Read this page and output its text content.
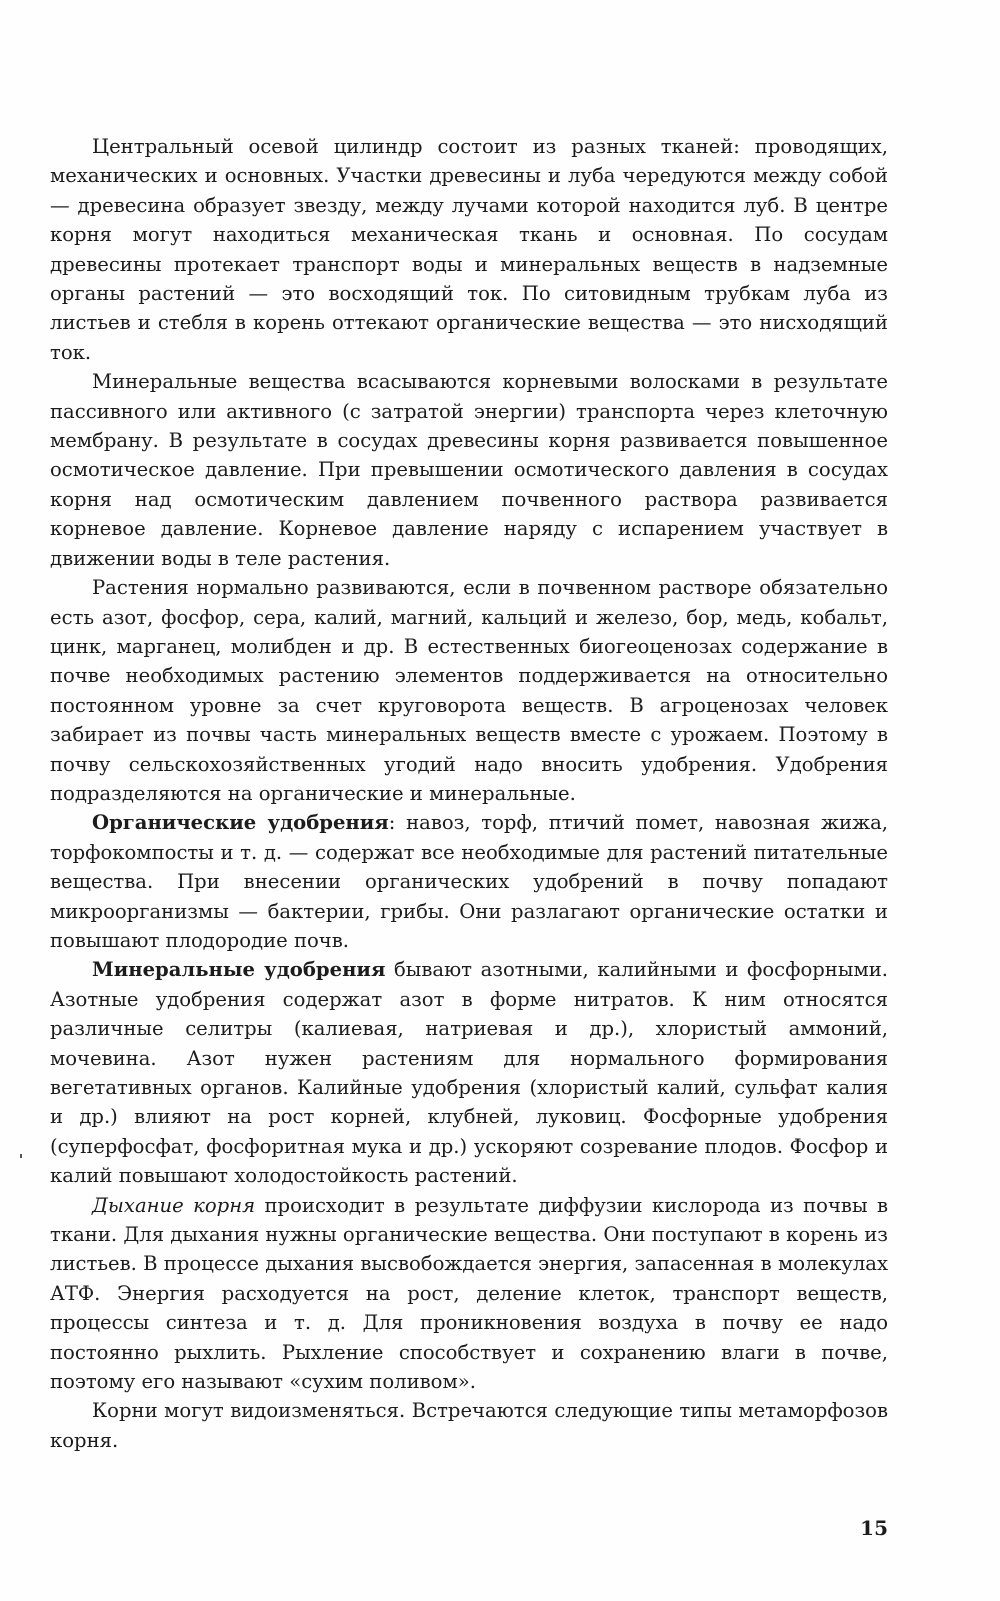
Центральный осевой цилиндр состоит из разных тканей: проводящих, механических и основных. Участки древесины и луба чередуются между собой — древесина образует звезду, между лучами которой находится луб. В центре корня могут находиться механическая ткань и основная. По сосудам древесины протекает транспорт воды и минеральных веществ в надземные органы растений — это восходящий ток. По ситовидным трубкам луба из листьев и стебля в корень оттекают органические вещества — это нисходящий ток.

Минеральные вещества всасываются корневыми волосками в результате пассивного или активного (с затратой энергии) транспорта через клеточную мембрану. В результате в сосудах древесины корня развивается повышенное осмотическое давление. При превышении осмотического давления в сосудах корня над осмотическим давлением почвенного раствора развивается корневое давление. Корневое давление наряду с испарением участвует в движении воды в теле растения.

Растения нормально развиваются, если в почвенном растворе обязательно есть азот, фосфор, сера, калий, магний, кальций и железо, бор, медь, кобальт, цинк, марганец, молибден и др. В естественных биогеоценозах содержание в почве необходимых растению элементов поддерживается на относительно постоянном уровне за счет круговорота веществ. В агроценозах человек забирает из почвы часть минеральных веществ вместе с урожаем. Поэтому в почву сельскохозяйственных угодий надо вносить удобрения. Удобрения подразделяются на органические и минеральные.

Органические удобрения: навоз, торф, птичий помет, навозная жижа, торфокомпосты и т. д. — содержат все необходимые для растений питательные вещества. При внесении органических удобрений в почву попадают микроорганизмы — бактерии, грибы. Они разлагают органические остатки и повышают плодородие почв.

Минеральные удобрения бывают азотными, калийными и фосфорными. Азотные удобрения содержат азот в форме нитратов. К ним относятся различные селитры (калиевая, натриевая и др.), хлористый аммоний, мочевина. Азот нужен растениям для нормального формирования вегетативных органов. Калийные удобрения (хлористый калий, сульфат калия и др.) влияют на рост корней, клубней, луковиц. Фосфорные удобрения (суперфосфат, фосфоритная мука и др.) ускоряют созревание плодов. Фосфор и калий повышают холодостойкость растений.

Дыхание корня происходит в результате диффузии кислорода из почвы в ткани. Для дыхания нужны органические вещества. Они поступают в корень из листьев. В процессе дыхания высвобождается энергия, запасенная в молекулах АТФ. Энергия расходуется на рост, деление клеток, транспорт веществ, процессы синтеза и т. д. Для проникновения воздуха в почву ее надо постоянно рыхлить. Рыхление способствует и сохранению влаги в почве, поэтому его называют «сухим поливом».

Корни могут видоизменяться. Встречаются следующие типы метаморфозов корня.

15
